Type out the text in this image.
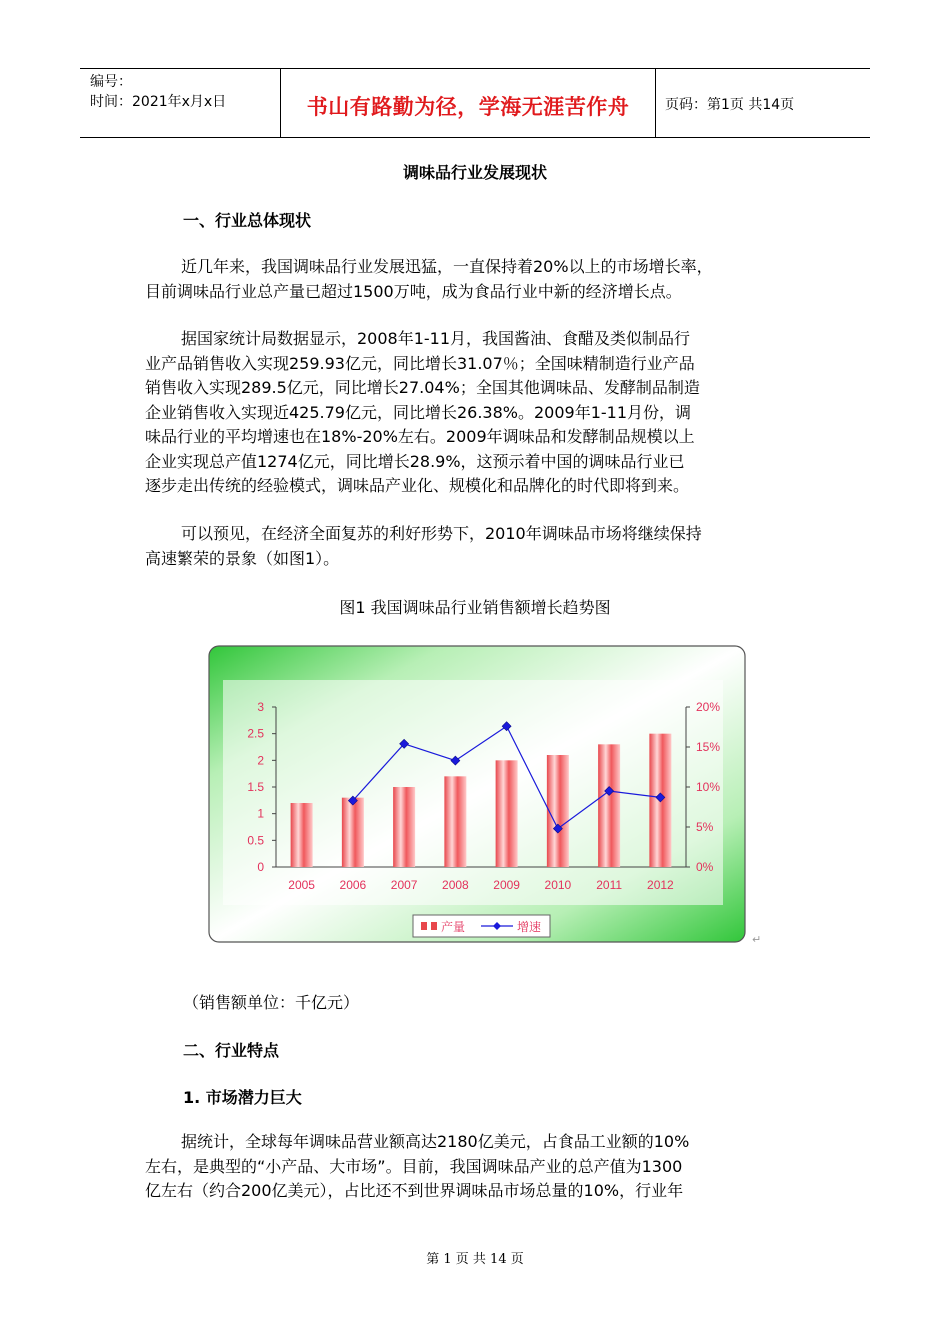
编号：
时间：2021年x月x日	书山有路勤为径，学海无涯苦作舟	页码：第1页 共14页
调味品行业发展现状
一、行业总体现状
近几年来，我国调味品行业发展迅猛，一直保持着20%以上的市场增长率，
目前调味品行业总产量已超过1500万吨，成为食品行业中新的经济增长点。
据国家统计局数据显示，2008年1-11月，我国酱油、食醋及类似制品行
业产品销售收入实现259.93亿元，同比增长31.07％；全国味精制造行业产品
销售收入实现289.5亿元，同比增长27.04%；全国其他调味品、发酵制品制造
企业销售收入实现近425.79亿元，同比增长26.38%。2009年1-11月份，调
味品行业的平均增速也在18%-20%左右。2009年调味品和发酵制品规模以上
企业实现总产值1274亿元，同比增长28.9%，这预示着中国的调味品行业已
逐步走出传统的经验模式，调味品产业化、规模化和品牌化的时代即将到来。
可以预见，在经济全面复苏的利好形势下，2010年调味品市场将继续保持
高速繁荣的景象（如图1）。
图1 我国调味品行业销售额增长趋势图
0
0.5
1
1.5
2
2.5
3
0%
5%
10%
15%
20%
2005 2006 2007 2008 2009 2010 2011 2012
产量	增速
↵
（销售额单位：千亿元）
二、行业特点
1. 市场潜力巨大
据统计，全球每年调味品营业额高达2180亿美元，占食品工业额的10%
左右，是典型的“小产品、大市场”。目前，我国调味品产业的总产值为1300
亿左右（约合200亿美元），占比还不到世界调味品市场总量的10%，行业年
第 1 页 共 14 页
